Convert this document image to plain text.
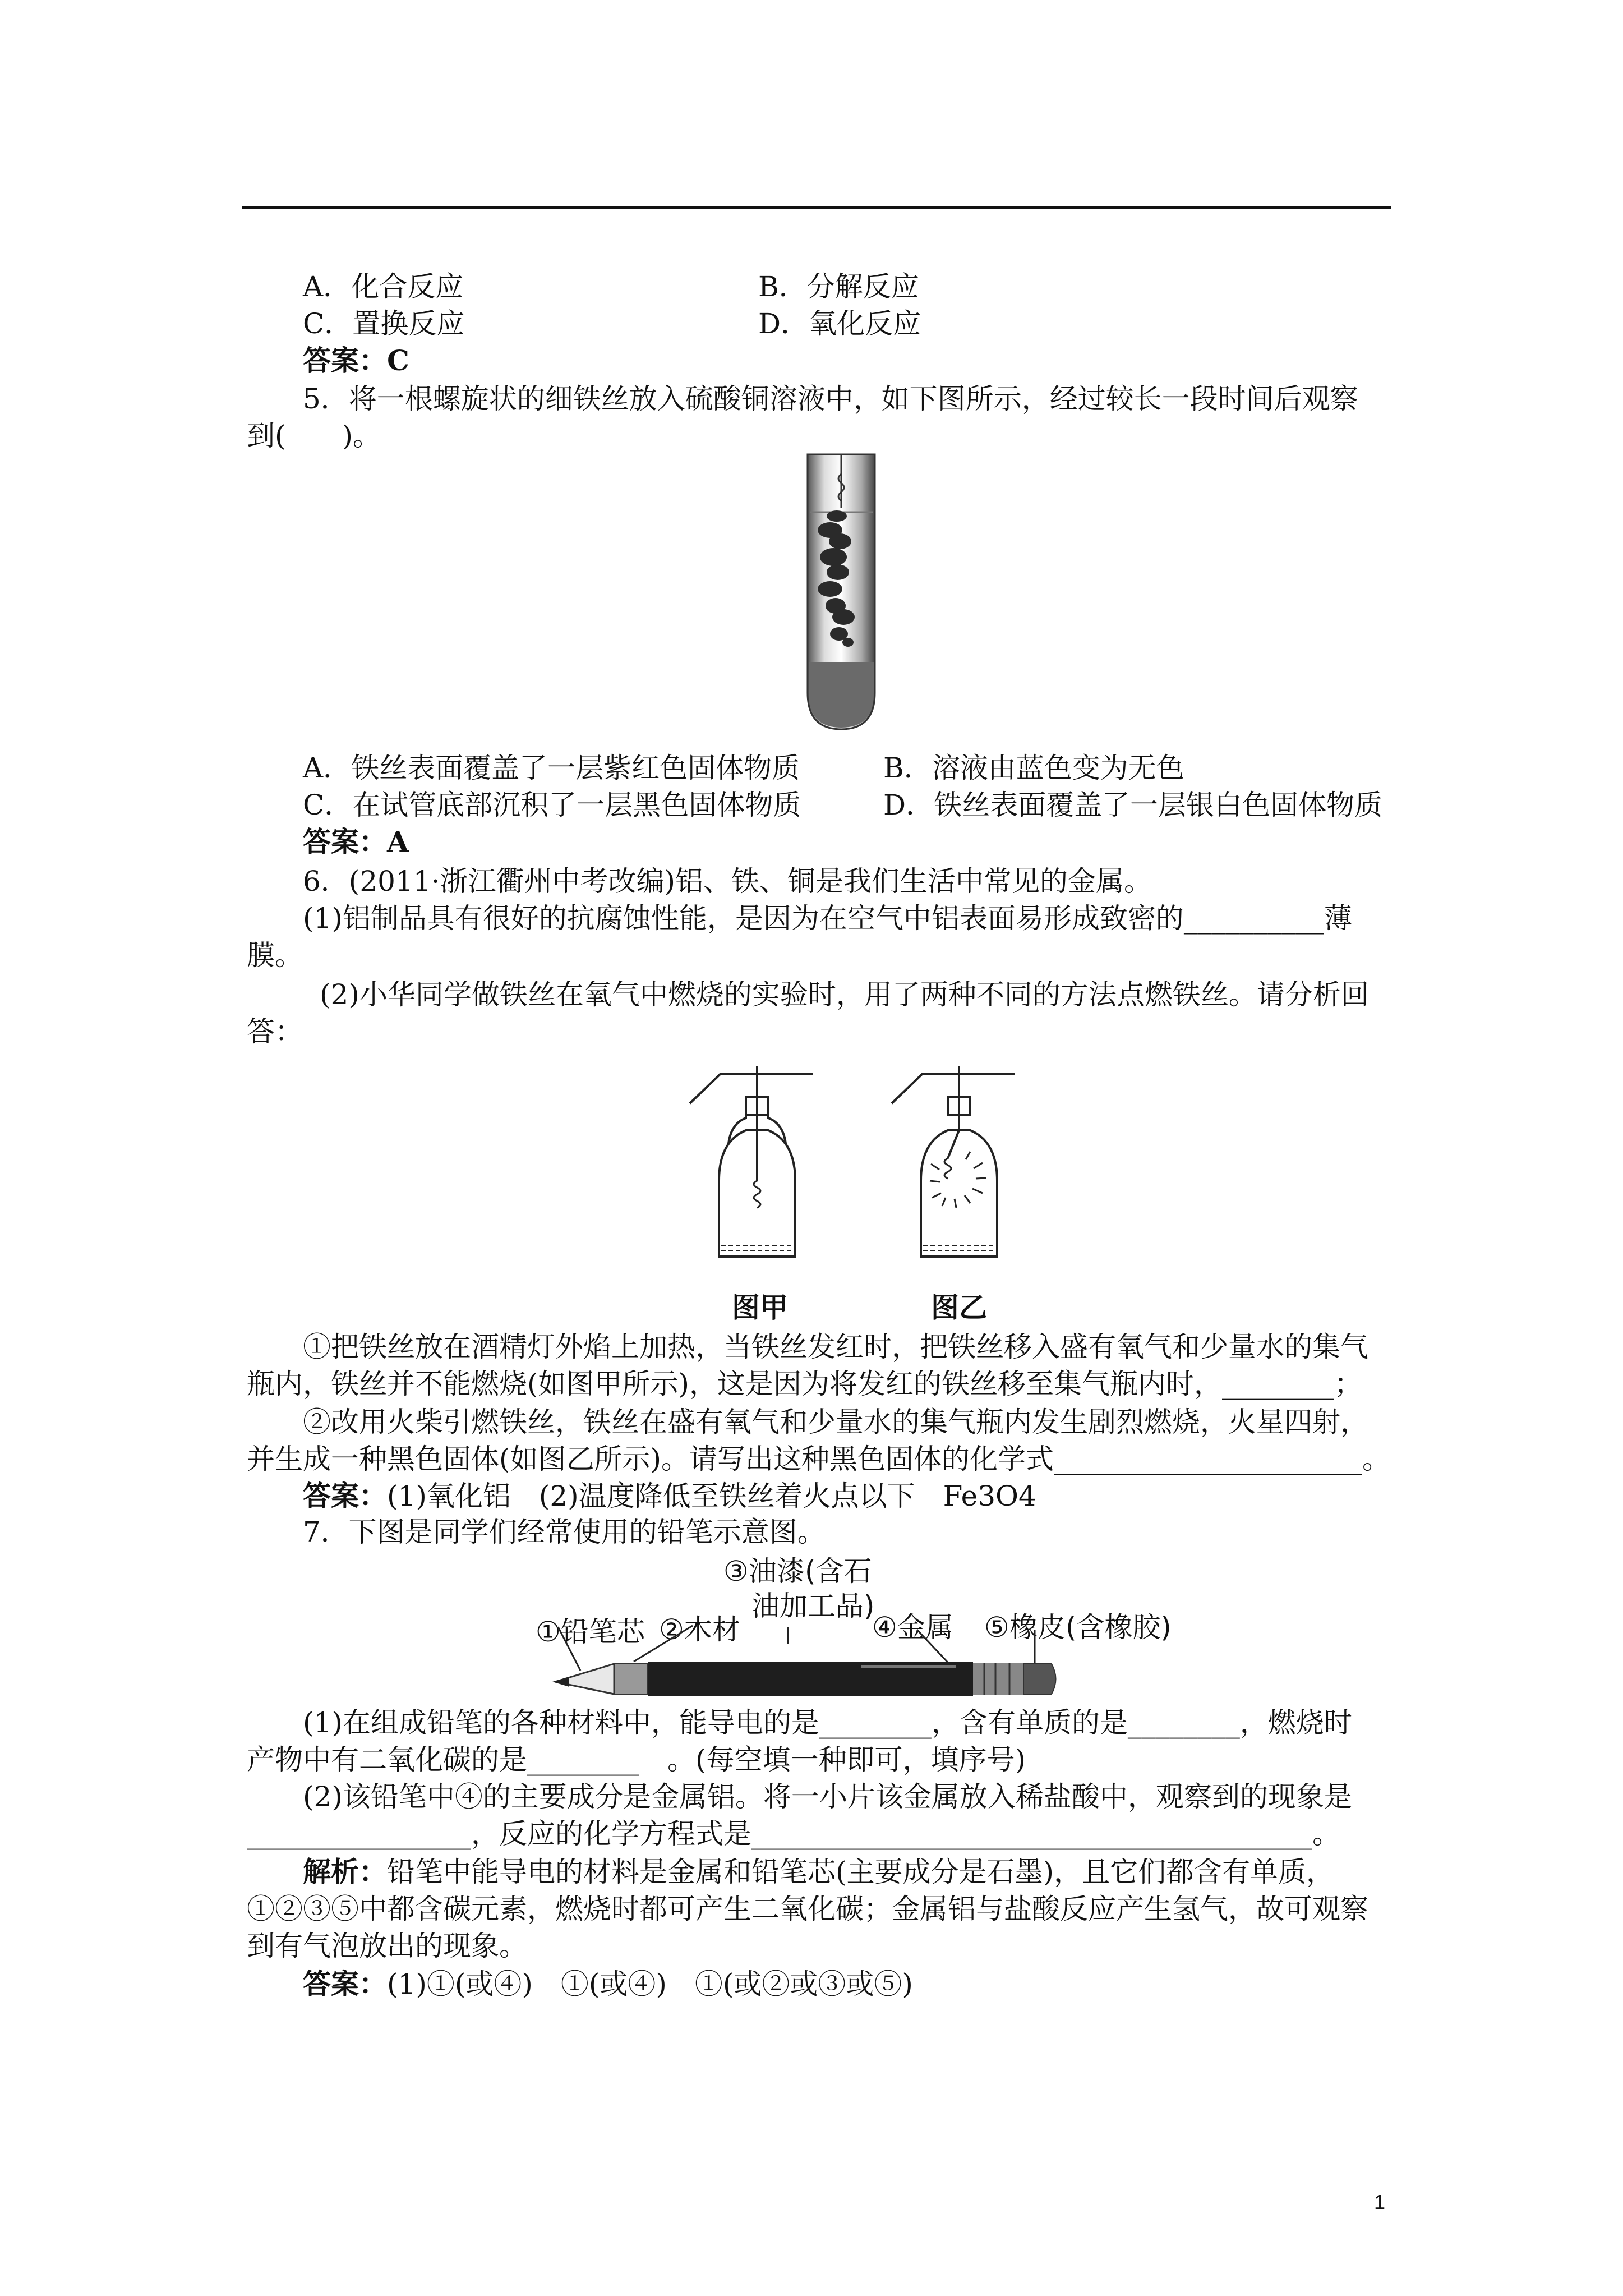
A．化合反应	B．分解反应
C．置换反应	D．氧化反应
答案：C
5．将一根螺旋状的细铁丝放入硫酸铜溶液中，如下图所示，经过较长一段时间后观察
到(　　)。
A．铁丝表面覆盖了一层紫红色固体物质	B．溶液由蓝色变为无色
C．在试管底部沉积了一层黑色固体物质	D．铁丝表面覆盖了一层银白色固体物质
答案：A
6．(2011·浙江衢州中考改编)铝、铁、铜是我们生活中常见的金属。
(1)铝制品具有很好的抗腐蚀性能，是因为在空气中铝表面易形成致密的__________薄
膜。
(2)小华同学做铁丝在氧气中燃烧的实验时，用了两种不同的方法点燃铁丝。请分析回
答：
图甲	图乙
①把铁丝放在酒精灯外焰上加热，当铁丝发红时，把铁丝移入盛有氧气和少量水的集气
瓶内，铁丝并不能燃烧(如图甲所示)，这是因为将发红的铁丝移至集气瓶内时，________；
②改用火柴引燃铁丝，铁丝在盛有氧气和少量水的集气瓶内发生剧烈燃烧，火星四射，
并生成一种黑色固体(如图乙所示)。请写出这种黑色固体的化学式______________________。
答案：(1)氧化铝　(2)温度降低至铁丝着火点以下　Fe3O4
7．下图是同学们经常使用的铅笔示意图。
③油漆(含石
油加工品)
①铅笔芯 ②木材	④金属 ⑤橡皮(含橡胶)
(1)在组成铅笔的各种材料中，能导电的是________，含有单质的是________，燃烧时
产物中有二氧化碳的是________　。(每空填一种即可，填序号)
(2)该铅笔中④的主要成分是金属铝。将一小片该金属放入稀盐酸中，观察到的现象是
________________，反应的化学方程式是________________________________________。
解析：铅笔中能导电的材料是金属和铅笔芯(主要成分是石墨)，且它们都含有单质，
①②③⑤中都含碳元素，燃烧时都可产生二氧化碳；金属铝与盐酸反应产生氢气，故可观察
到有气泡放出的现象。
答案：(1)①(或④)　①(或④)　①(或②或③或⑤)
1
